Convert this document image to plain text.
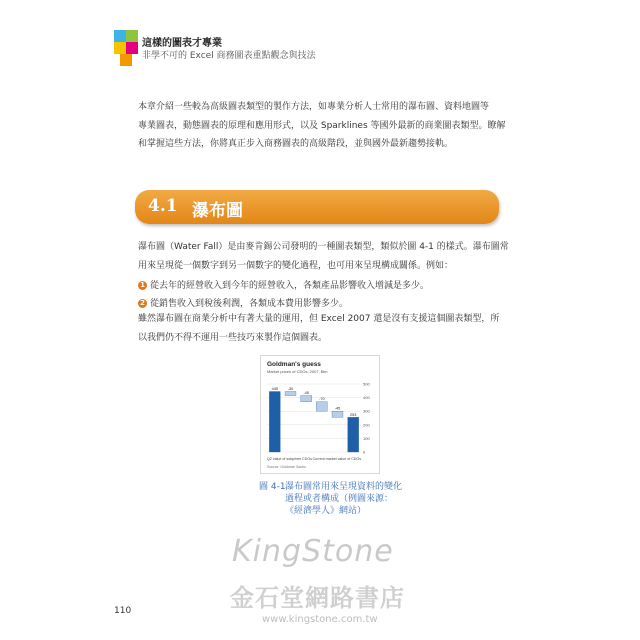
這樣的圖表才專業
非學不可的 Excel 商務圖表重點觀念與技法
本章介紹一些較為高級圖表類型的製作方法，如專業分析人士常用的瀑布圖、資料地圖等
專業圖表，動態圖表的原理和應用形式，以及 Sparklines 等國外最新的商業圖表類型。瞭解
和掌握這些方法，你將真正步入商務圖表的高級階段，並與國外最新趨勢接軌。
4.1 瀑布圖
瀑布圖（Water Fall）是由麥肯錫公司發明的一種圖表類型，類似於圖 4-1 的樣式。瀑布圖常
用來呈現從一個數字到另一個數字的變化過程，也可用來呈現構成關係。例如：
1 從去年的經營收入到今年的經營收入，各類產品影響收入增減是多少。
2 從銷售收入到稅後利潤，各類成本費用影響多少。
雖然瀑布圖在商業分析中有著大量的運用，但 Excel 2007 還是沒有支援這個圖表類型，所
以我們仍不得不運用一些技巧來製作這個圖表。
Goldman's guess
Market prices of CDOs, 2007, $bn
500
400
300
200
100
0
445	-30
-45
-70
-45
253
Q2 value of subprime CDOs Current market value of CDOs
Source: Goldman Sachs
圖 4-1瀑布圖常用來呈現資料的變化
過程或者構成（例圖來源：
《經濟學人》網站）
KingStone
金石堂網路書店
www.kingstone.com.tw
110
